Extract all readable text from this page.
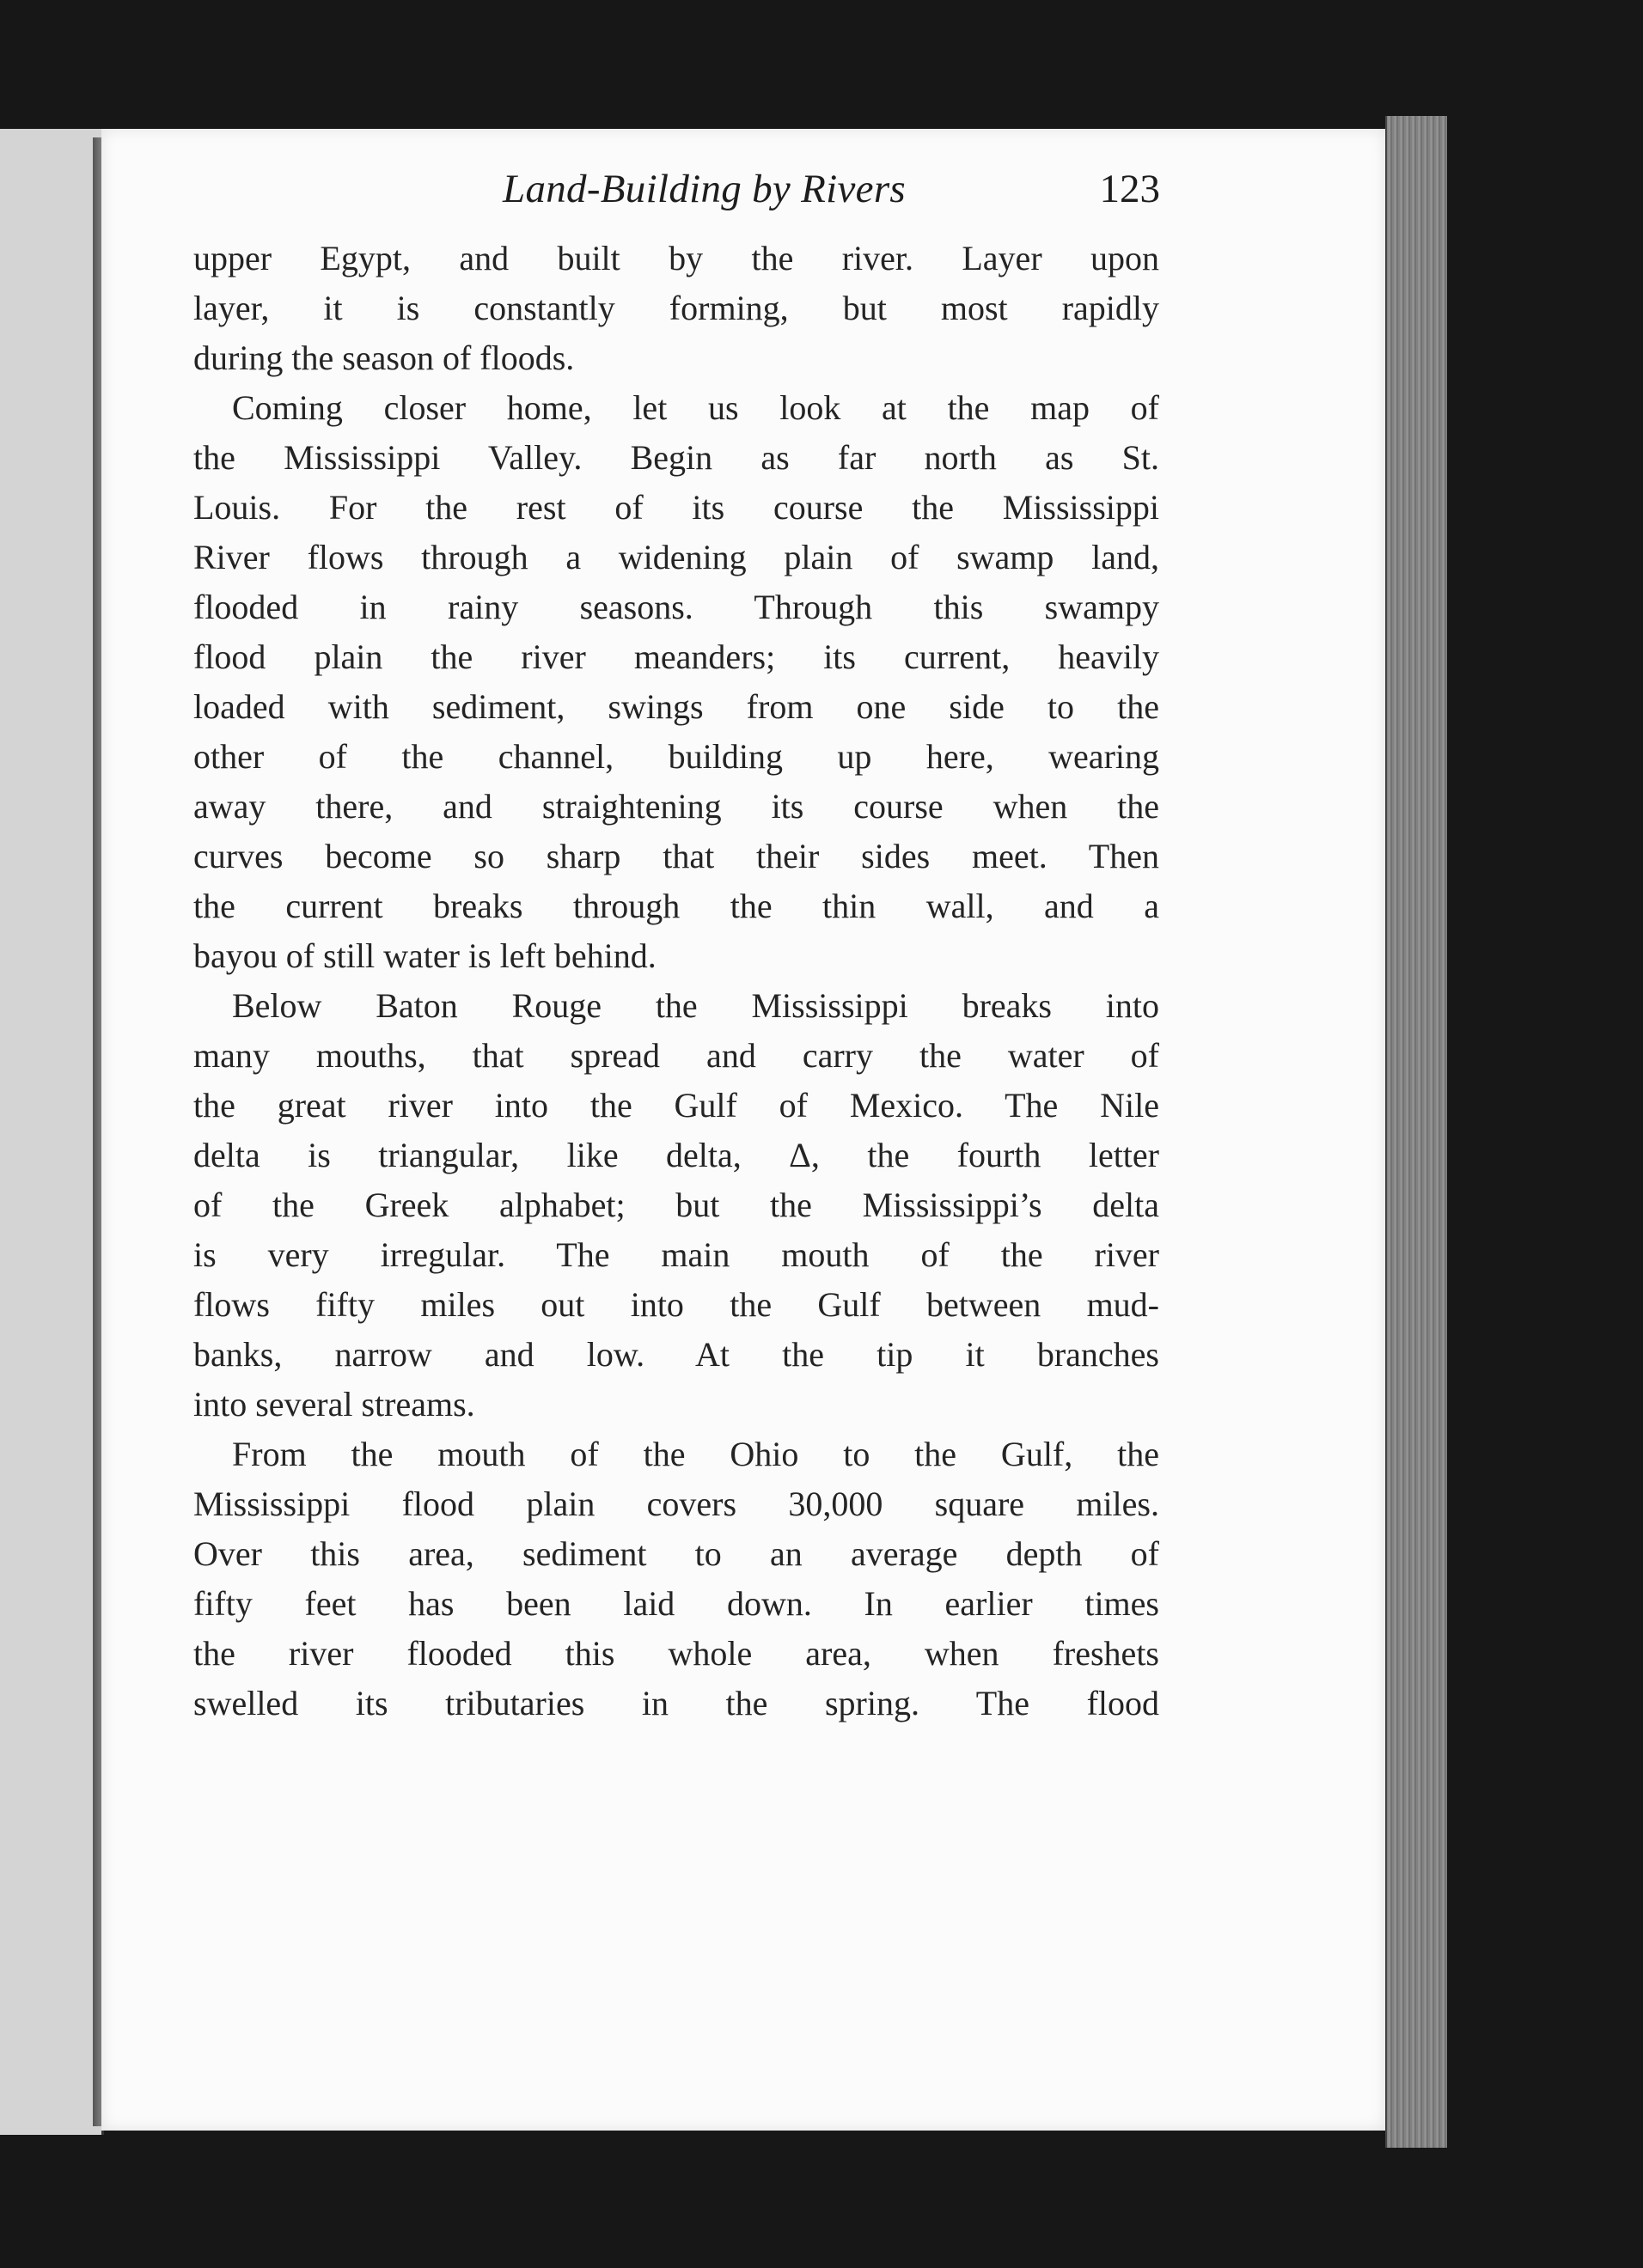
Land-Building by Rivers	123
upper Egypt, and built by the river. Layer upon
layer, it is constantly forming, but most rapidly
during the season of floods.
Coming closer home, let us look at the map of
the Mississippi Valley. Begin as far north as St.
Louis. For the rest of its course the Mississippi
River flows through a widening plain of swamp land,
flooded in rainy seasons. Through this swampy
flood plain the river meanders; its current, heavily
loaded with sediment, swings from one side to the
other of the channel, building up here, wearing
away there, and straightening its course when the
curves become so sharp that their sides meet. Then
the current breaks through the thin wall, and a
bayou of still water is left behind.
Below Baton Rouge the Mississippi breaks into
many mouths, that spread and carry the water of
the great river into the Gulf of Mexico. The Nile
delta is triangular, like delta, Δ, the fourth letter
of the Greek alphabet; but the Mississippi’s delta
is very irregular. The main mouth of the river
flows fifty miles out into the Gulf between mud-
banks, narrow and low. At the tip it branches
into several streams.
From the mouth of the Ohio to the Gulf, the
Mississippi flood plain covers 30,000 square miles.
Over this area, sediment to an average depth of
fifty feet has been laid down. In earlier times
the river flooded this whole area, when freshets
swelled its tributaries in the spring. The flood
